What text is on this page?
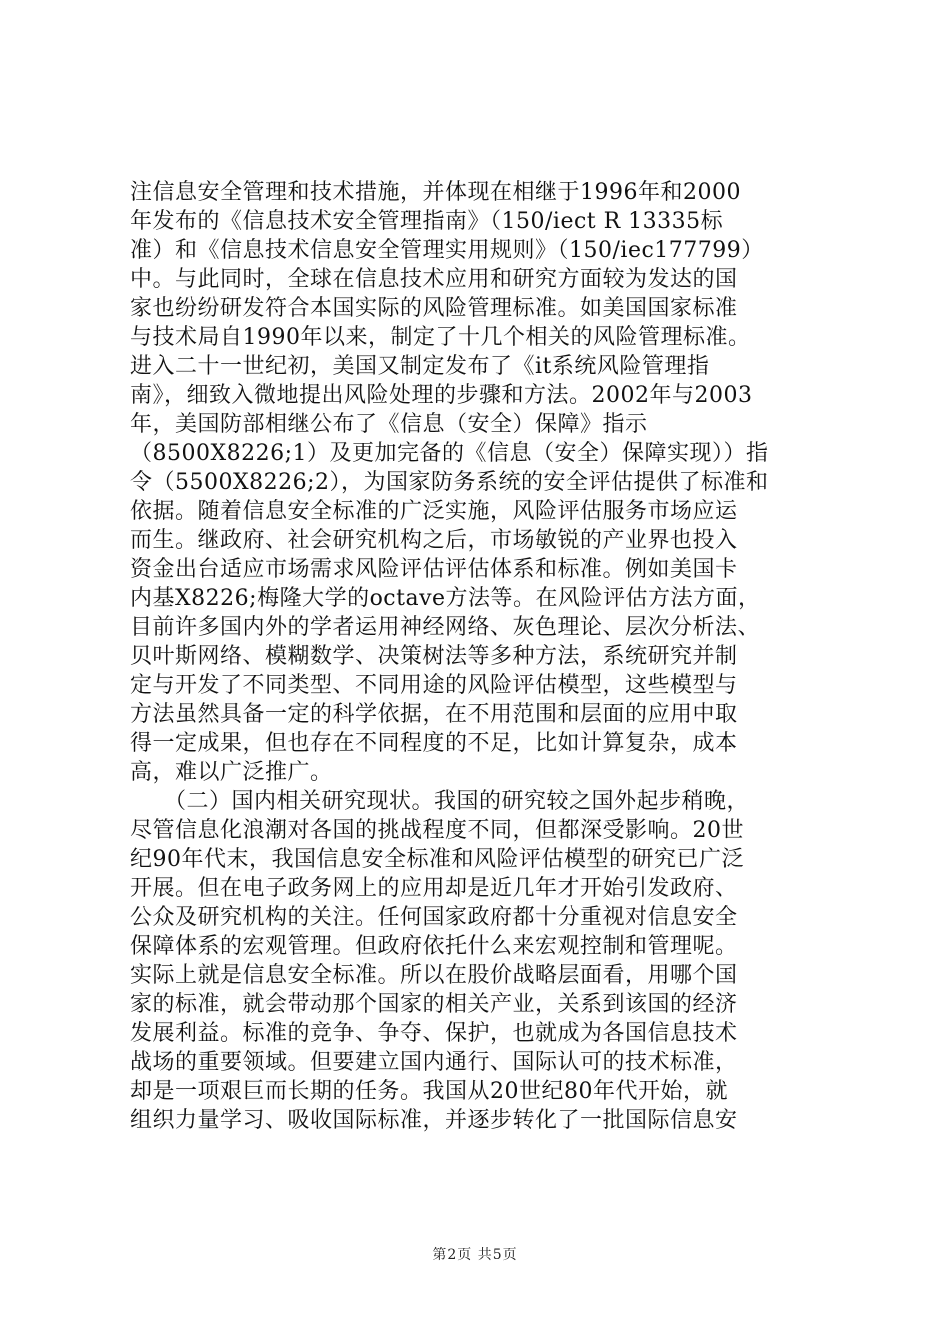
注信息安全管理和技术措施，并体现在相继于1996年和2000
年发布的《信息技术安全管理指南》（150/iect R 13335标
准）和《信息技术信息安全管理实用规则》（150/iec177799）
中。与此同时，全球在信息技术应用和研究方面较为发达的国
家也纷纷研发符合本国实际的风险管理标准。如美国国家标准
与技术局自1990年以来，制定了十几个相关的风险管理标准。
进入二十一世纪初，美国又制定发布了《it系统风险管理指
南》，细致入微地提出风险处理的步骤和方法。2002年与2003
年，美国防部相继公布了《信息（安全）保障》指示
（8500X8226;1）及更加完备的《信息（安全）保障实现））指
令（5500X8226;2），为国家防务系统的安全评估提供了标准和
依据。随着信息安全标准的广泛实施，风险评估服务市场应运
而生。继政府、社会研究机构之后，市场敏锐的产业界也投入
资金出台适应市场需求风险评估评估体系和标准。例如美国卡
内基X8226;梅隆大学的octave方法等。在风险评估方法方面，
目前许多国内外的学者运用神经网络、灰色理论、层次分析法、
贝叶斯网络、模糊数学、决策树法等多种方法，系统研究并制
定与开发了不同类型、不同用途的风险评估模型，这些模型与
方法虽然具备一定的科学依据，在不用范围和层面的应用中取
得一定成果，但也存在不同程度的不足，比如计算复杂，成本
高，难以广泛推广。
　　（二）国内相关研究现状。我国的研究较之国外起步稍晚，
尽管信息化浪潮对各国的挑战程度不同，但都深受影响。20世
纪90年代末，我国信息安全标准和风险评估模型的研究已广泛
开展。但在电子政务网上的应用却是近几年才开始引发政府、
公众及研究机构的关注。任何国家政府都十分重视对信息安全
保障体系的宏观管理。但政府依托什么来宏观控制和管理呢。
实际上就是信息安全标准。所以在股价战略层面看，用哪个国
家的标准，就会带动那个国家的相关产业，关系到该国的经济
发展利益。标准的竞争、争夺、保护，也就成为各国信息技术
战场的重要领域。但要建立国内通行、国际认可的技术标准，
却是一项艰巨而长期的任务。我国从20世纪80年代开始，就
组织力量学习、吸收国际标准，并逐步转化了一批国际信息安
第2页 共5页
